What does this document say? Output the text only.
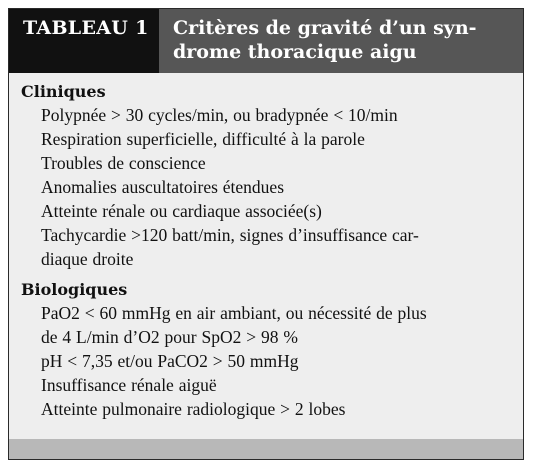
TABLEAU 1	Critères de gravité d’un syn-
drome thoracique aigu

Cliniques

Polypnée > 30 cycles/min, ou bradypnée < 10/min
Respiration superficielle, difficulté à la parole
Troubles de conscience
Anomalies auscultatoires étendues
Atteinte rénale ou cardiaque associée(s)
Tachycardie >120 batt/min, signes d’insuffisance car-
diaque droite

Biologiques

PaO2 < 60 mmHg en air ambiant, ou nécessité de plus
de 4 L/min d’O2 pour SpO2 > 98 %
pH < 7,35 et/ou PaCO2 > 50 mmHg
Insuffisance rénale aiguë
Atteinte pulmonaire radiologique > 2 lobes
